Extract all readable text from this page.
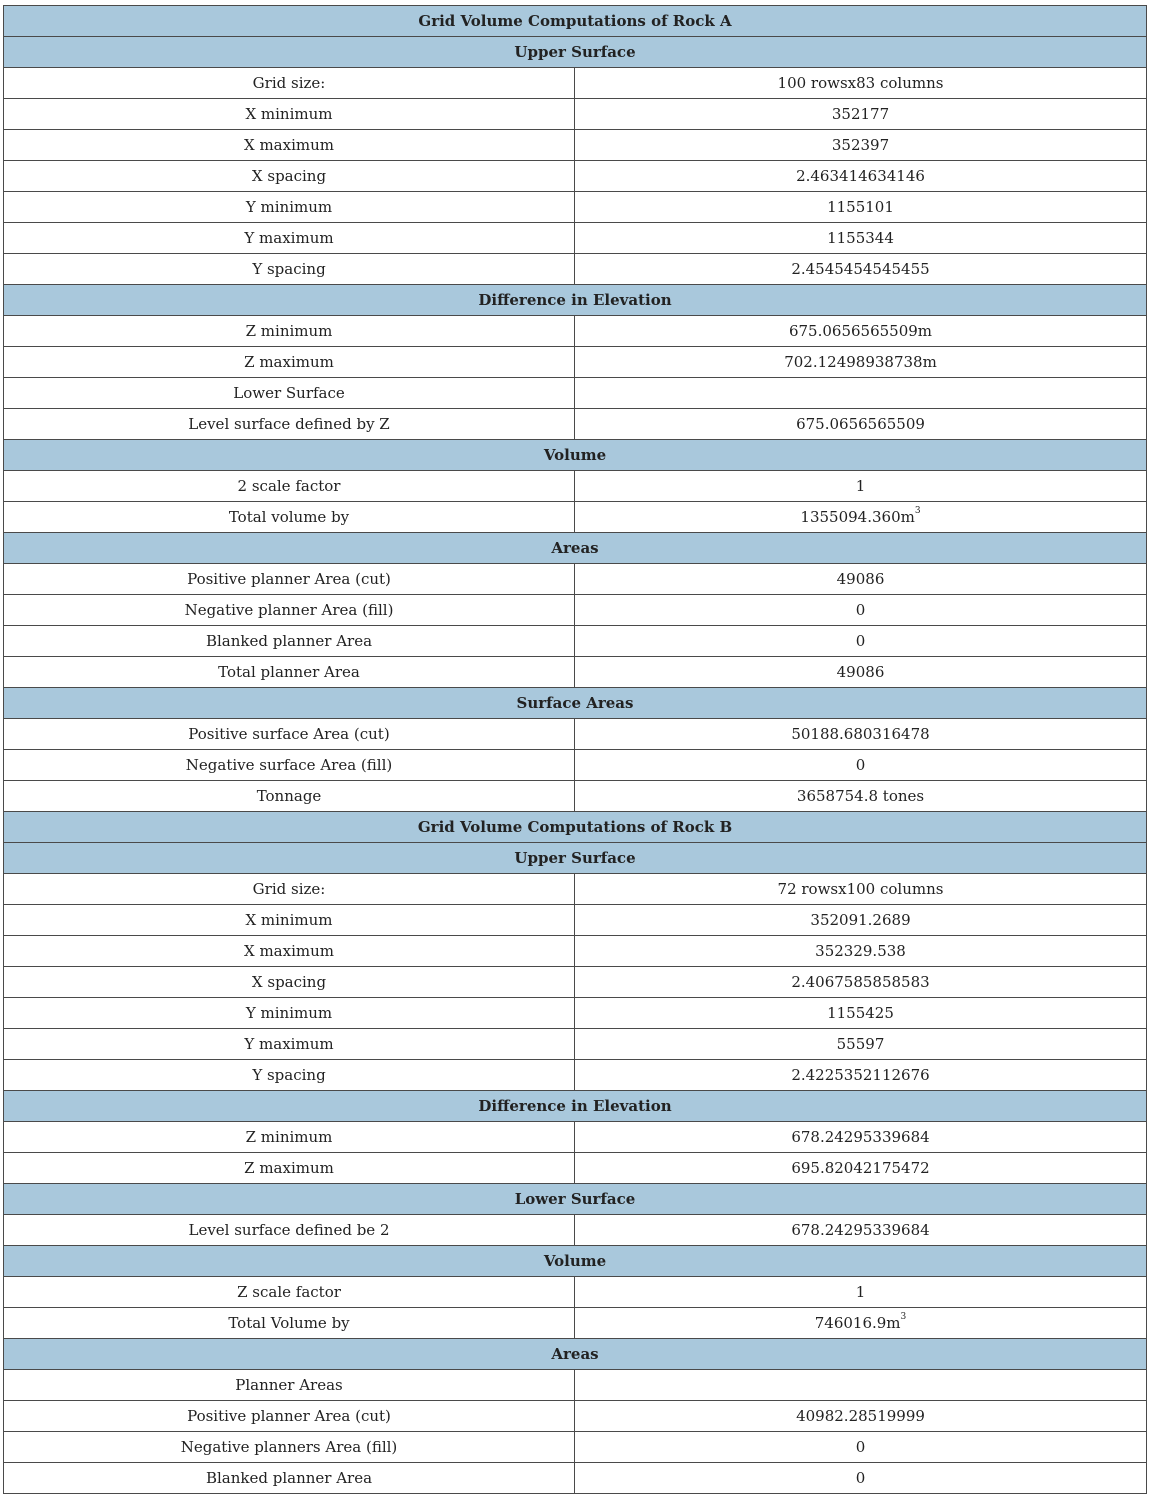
Grid Volume Computations of Rock A	
Upper Surface	
Grid size:	100 rowsx83 columns
X minimum	352177
X maximum	352397
X spacing	2.463414634146
Y minimum	1155101
Y maximum	1155344
Y spacing	2.4545454545455
Difference in Elevation	
Z minimum	675.0656565509m
Z maximum	702.12498938738m
Lower Surface	
Level surface defined by Z	675.0656565509
Volume	
2 scale factor	1
Total volume by	$1355094.360m^3$
Areas	
Positive planner Area (cut)	49086
Negative planner Area (fill)	0
Blanked planner Area	0
Total planner Area	49086
Surface Areas	
Positive surface Area (cut)	50188.680316478
Negative surface Area (fill)	0
Tonnage	3658754.8 tones
Grid Volume Computations of Rock B	
Upper Surface	
Grid size:	72 rowsx100 columns
X minimum	352091.2689
X maximum	352329.538
X spacing	2.4067585858583
Y minimum	1155425
Y maximum	55597
Y spacing	2.4225352112676
Difference in Elevation	
Z minimum	678.24295339684
Z maximum	695.82042175472
Lower Surface	
Level surface defined be 2	678.24295339684
Volume	
Z scale factor	1
Total Volume by	$746016.9m^3$
Areas	
Planner Areas	
Positive planner Area (cut)	40982.28519999
Negative planners Area (fill)	0
Blanked planner Area	0
